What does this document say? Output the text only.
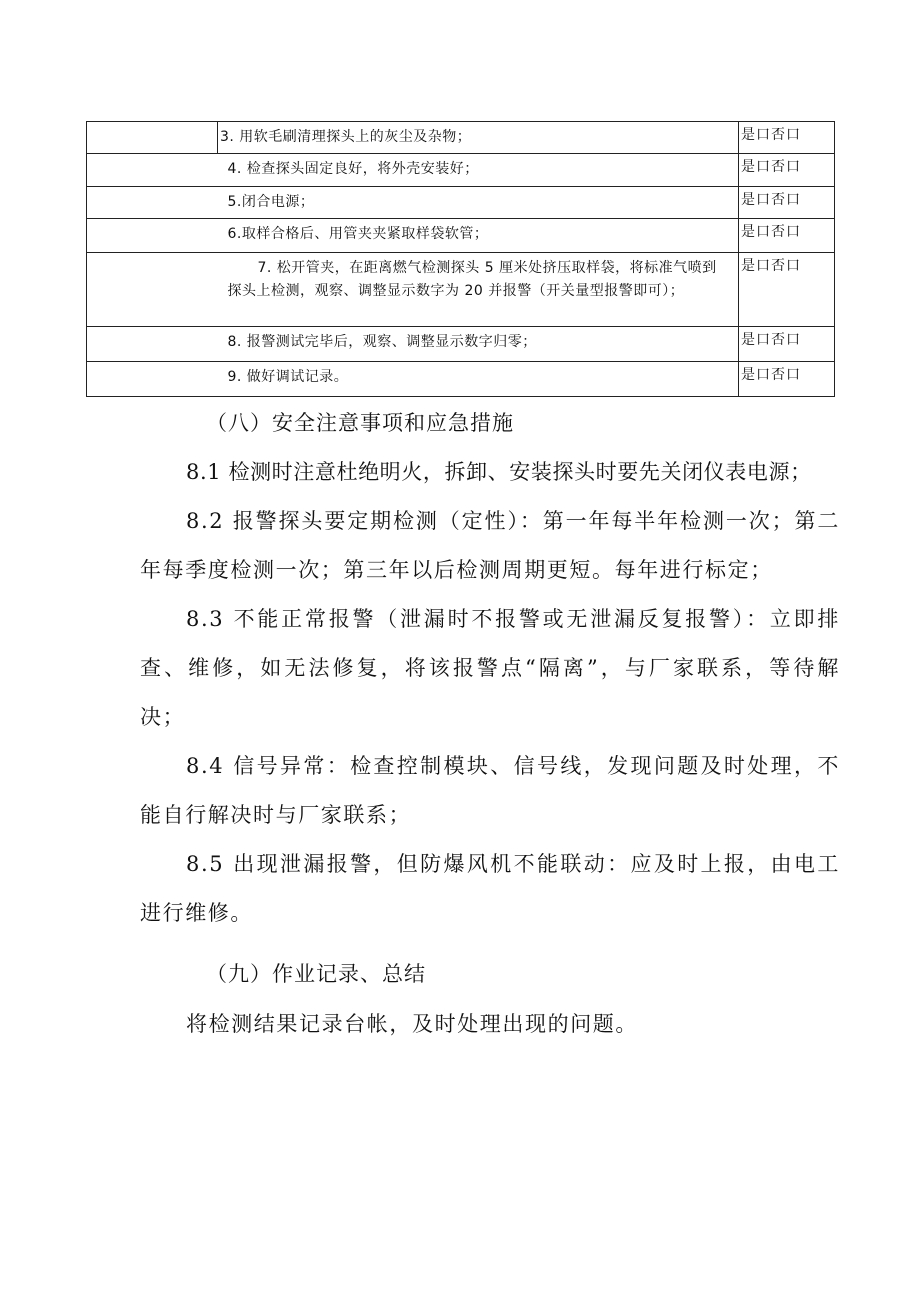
	3. 用软毛刷清理探头上的灰尘及杂物；	是口否口

	4. 检查探头固定良好，将外壳安装好；	是口否口

	5.闭合电源；	是口否口

	6.取样合格后、用管夹夹紧取样袋软管；	是口否口

	7. 松开管夹，在距离燃气检测探头 5 厘米处挤压取样袋，将标准气喷到探头上检测，观察、调整显示数字为 20 并报警（开关量型报警即可）；	是口否口

	8. 报警测试完毕后，观察、调整显示数字归零；	是口否口

	9. 做好调试记录。	是口否口
（八）安全注意事项和应急措施

8.1 检测时注意杜绝明火，拆卸、安装探头时要先关闭仪表电源；

8.2 报警探头要定期检测（定性）：第一年每半年检测一次；第二年每季度检测一次；第三年以后检测周期更短。每年进行标定；

8.3 不能正常报警（泄漏时不报警或无泄漏反复报警）：立即排查、维修，如无法修复，将该报警点“隔离”，与厂家联系，等待解决；

8.4 信号异常：检查控制模块、信号线，发现问题及时处理，不能自行解决时与厂家联系；

8.5 出现泄漏报警，但防爆风机不能联动：应及时上报，由电工进行维修。

（九）作业记录、总结

将检测结果记录台帐，及时处理出现的问题。
